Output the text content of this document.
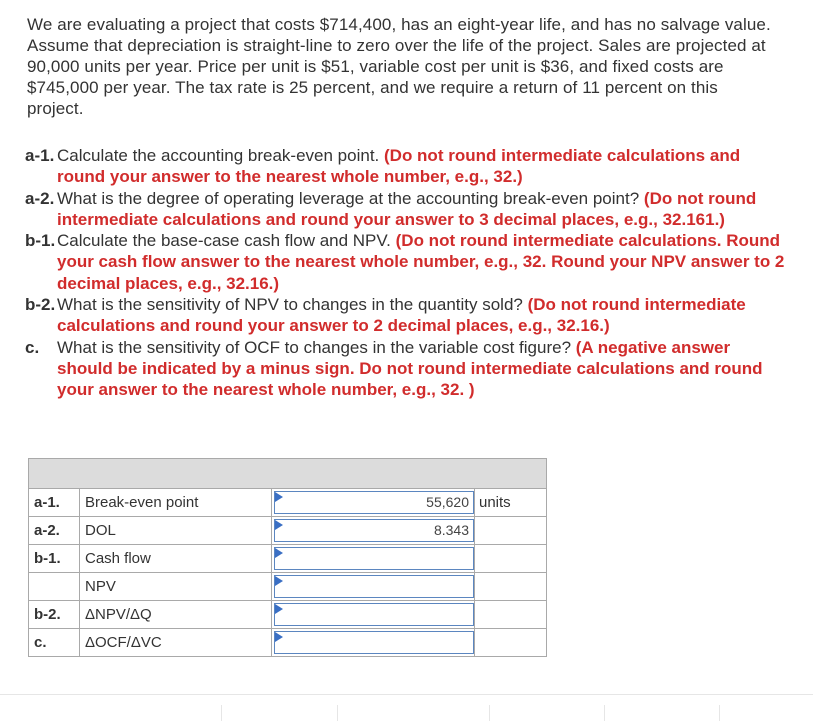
We are evaluating a project that costs $714,400, has an eight-year life, and has no salvage value. Assume that depreciation is straight-line to zero over the life of the project. Sales are projected at 90,000 units per year. Price per unit is $51, variable cost per unit is $36, and fixed costs are $745,000 per year. The tax rate is 25 percent, and we require a return of 11 percent on this project.

a-1. Calculate the accounting break-even point. (Do not round intermediate calculations and round your answer to the nearest whole number, e.g., 32.)
a-2. What is the degree of operating leverage at the accounting break-even point? (Do not round intermediate calculations and round your answer to 3 decimal places, e.g., 32.161.)
b-1. Calculate the base-case cash flow and NPV. (Do not round intermediate calculations. Round your cash flow answer to the nearest whole number, e.g., 32. Round your NPV answer to 2 decimal places, e.g., 32.16.)
b-2. What is the sensitivity of NPV to changes in the quantity sold? (Do not round intermediate calculations and round your answer to 2 decimal places, e.g., 32.16.)
c.	What is the sensitivity of OCF to changes in the variable cost figure? (A negative answer should be indicated by a minus sign. Do not round intermediate calculations and round your answer to the nearest whole number, e.g., 32. )

a-1.	Break-even point	55,620	units
a-2.	DOL	8.343	

b-1.	Cash flow	

	NPV	

b-2.	ΔNPV/ΔQ	

c.	ΔOCF/ΔVC	
